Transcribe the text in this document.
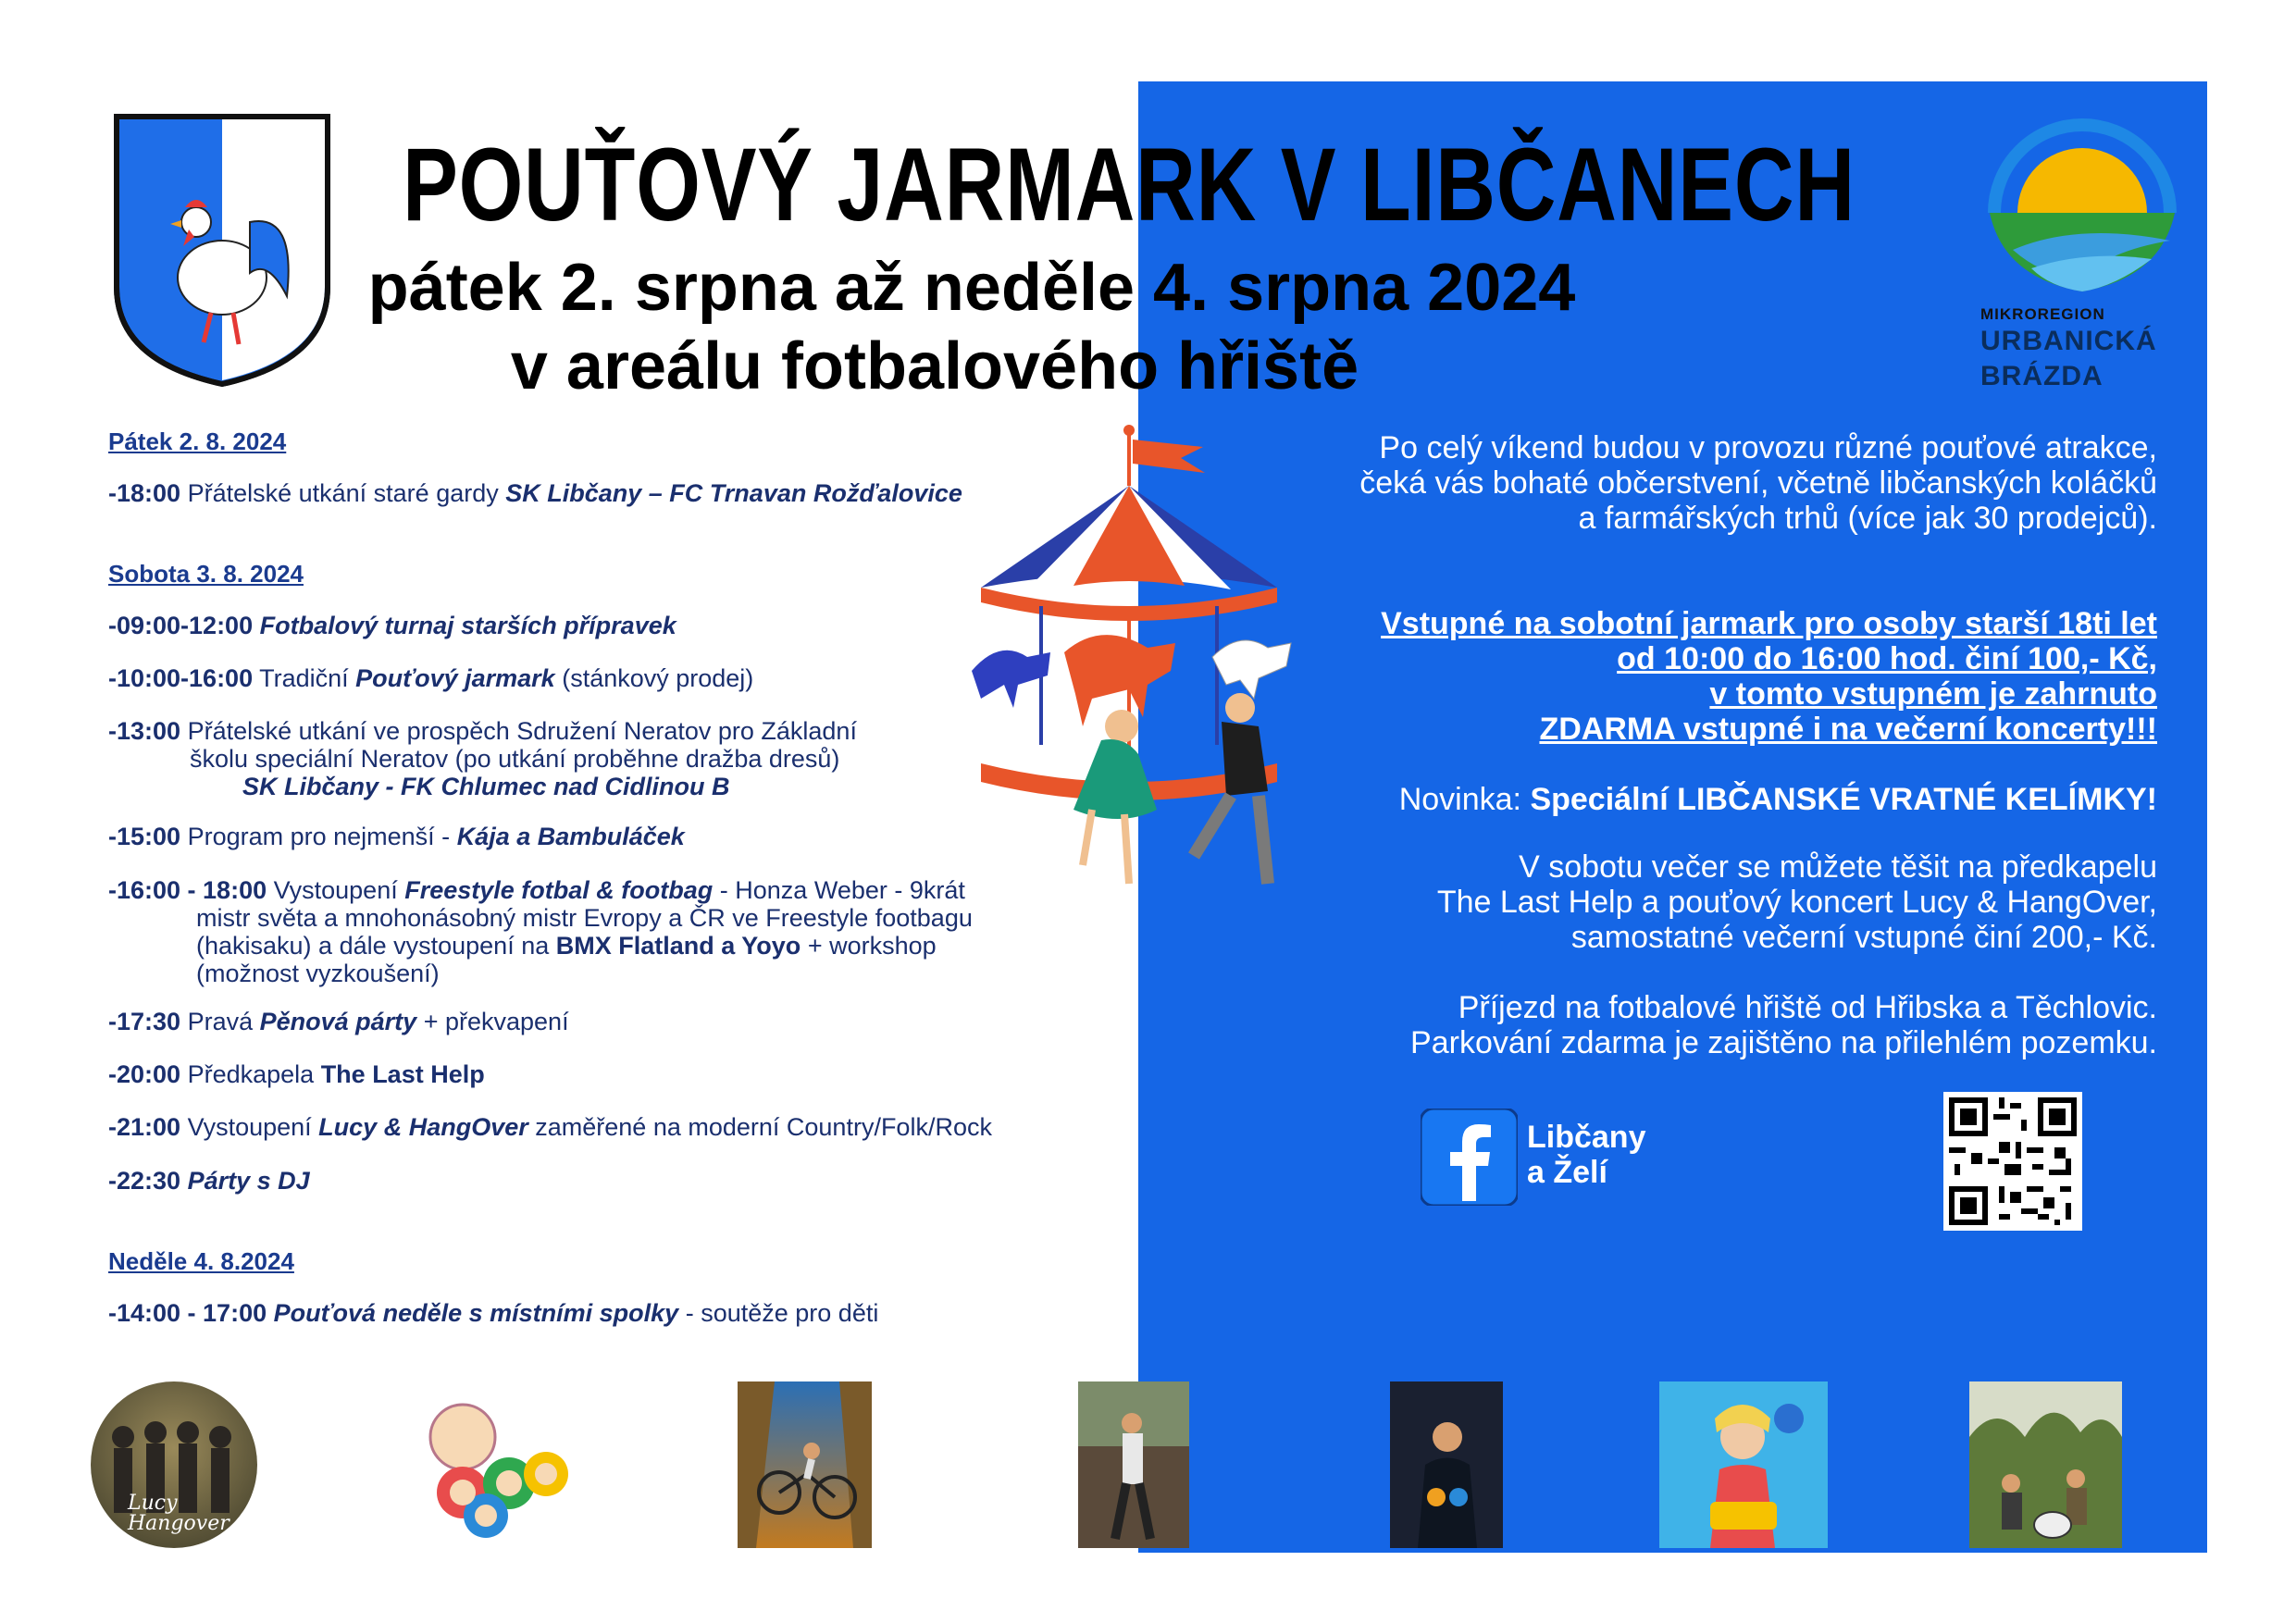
POUŤOVÝ JARMARK V LIBČANECH
pátek 2. srpna až neděle 4. srpna 2024
v areálu fotbalového hřiště
MIKROREGION
URBANICKÁ
BRÁZDA
Pátek 2. 8. 2024
-18:00 Přátelské utkání staré gardy SK Libčany – FC Trnavan Rožďalovice
Sobota 3. 8. 2024
-09:00-12:00 Fotbalový turnaj starších přípravek
-10:00-16:00 Tradiční Pouťový jarmark (stánkový prodej)
-13:00 Přátelské utkání ve prospěch Sdružení Neratov pro Základní
školu speciální Neratov (po utkání proběhne dražba dresů)
SK Libčany - FK Chlumec nad Cidlinou B
-15:00 Program pro nejmenší - Kája a Bambuláček
-16:00 - 18:00 Vystoupení Freestyle fotbal & footbag - Honza Weber - 9krát
mistr světa a mnohonásobný mistr Evropy a ČR ve Freestyle footbagu
(hakisaku) a dále vystoupení na BMX Flatland a Yoyo + workshop
(možnost vyzkoušení)
-17:30 Pravá Pěnová párty + překvapení
-20:00 Předkapela The Last Help
-21:00 Vystoupení Lucy & HangOver zaměřené na moderní Country/Folk/Rock
-22:30 Párty s DJ
Neděle 4. 8.2024
-14:00 - 17:00 Pouťová neděle s místními spolky - soutěže pro děti
Po celý víkend budou v provozu různé pouťové atrakce,
čeká vás bohaté občerstvení, včetně libčanských koláčků
a farmářských trhů (více jak 30 prodejců).
Vstupné na sobotní jarmark pro osoby starší 18ti let
od 10:00 do 16:00 hod. činí 100,- Kč,
v tomto vstupném je zahrnuto
ZDARMA vstupné i na večerní koncerty!!!
Novinka: Speciální LIBČANSKÉ VRATNÉ KELÍMKY!
V sobotu večer se můžete těšit na předkapelu
The Last Help a pouťový koncert Lucy & HangOver,
samostatné večerní vstupné činí 200,- Kč.
Příjezd na fotbalové hřiště od Hřibska a Těchlovic.
Parkování zdarma je zajištěno na přilehlém pozemku.
Libčany
a Želí
Všichni jste srdečně zváni!
Lucy
Hangover
